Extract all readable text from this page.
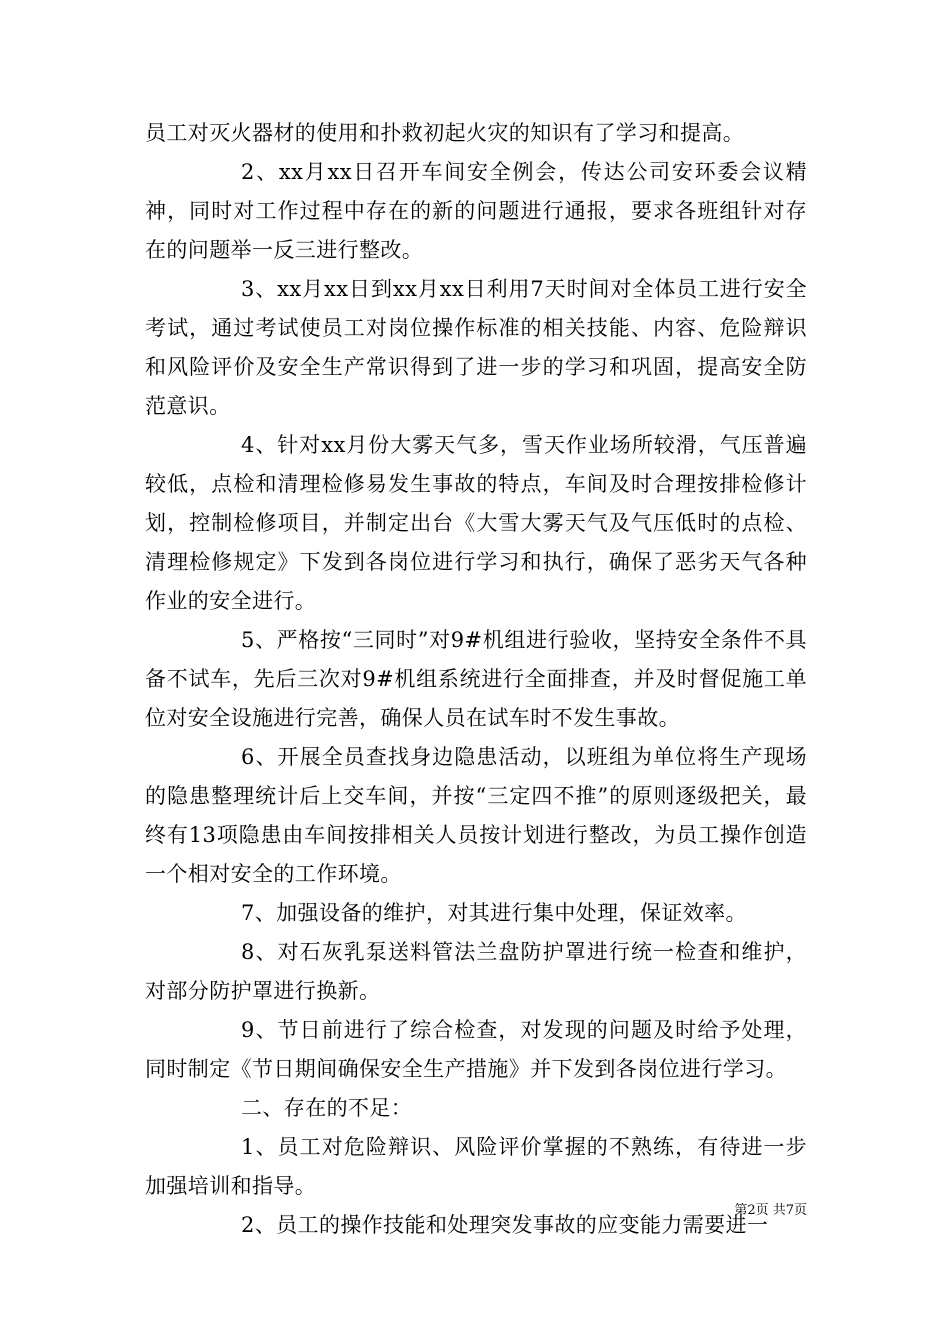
员工对灭火器材的使用和扑救初起火灾的知识有了学习和提高。

2、xx月xx日召开车间安全例会，传达公司安环委会议精神，同时对工作过程中存在的新的问题进行通报，要求各班组针对存在的问题举一反三进行整改。

3、xx月xx日到xx月xx日利用7天时间对全体员工进行安全考试，通过考试使员工对岗位操作标准的相关技能、内容、危险辩识和风险评价及安全生产常识得到了进一步的学习和巩固，提高安全防范意识。

4、针对xx月份大雾天气多，雪天作业场所较滑，气压普遍较低，点检和清理检修易发生事故的特点，车间及时合理按排检修计划，控制检修项目，并制定出台《大雪大雾天气及气压低时的点检、清理检修规定》下发到各岗位进行学习和执行，确保了恶劣天气各种作业的安全进行。

5、严格按“三同时”对9#机组进行验收，坚持安全条件不具备不试车，先后三次对9#机组系统进行全面排查，并及时督促施工单位对安全设施进行完善，确保人员在试车时不发生事故。

6、开展全员查找身边隐患活动，以班组为单位将生产现场的隐患整理统计后上交车间，并按“三定四不推”的原则逐级把关，最终有13项隐患由车间按排相关人员按计划进行整改，为员工操作创造一个相对安全的工作环境。

7、加强设备的维护，对其进行集中处理，保证效率。

8、对石灰乳泵送料管法兰盘防护罩进行统一检查和维护，对部分防护罩进行换新。

9、节日前进行了综合检查，对发现的问题及时给予处理，同时制定《节日期间确保安全生产措施》并下发到各岗位进行学习。

二、存在的不足：

1、员工对危险辩识、风险评价掌握的不熟练，有待进一步加强培训和指导。

2、员工的操作技能和处理突发事故的应变能力需要进一

第2页 共7页
